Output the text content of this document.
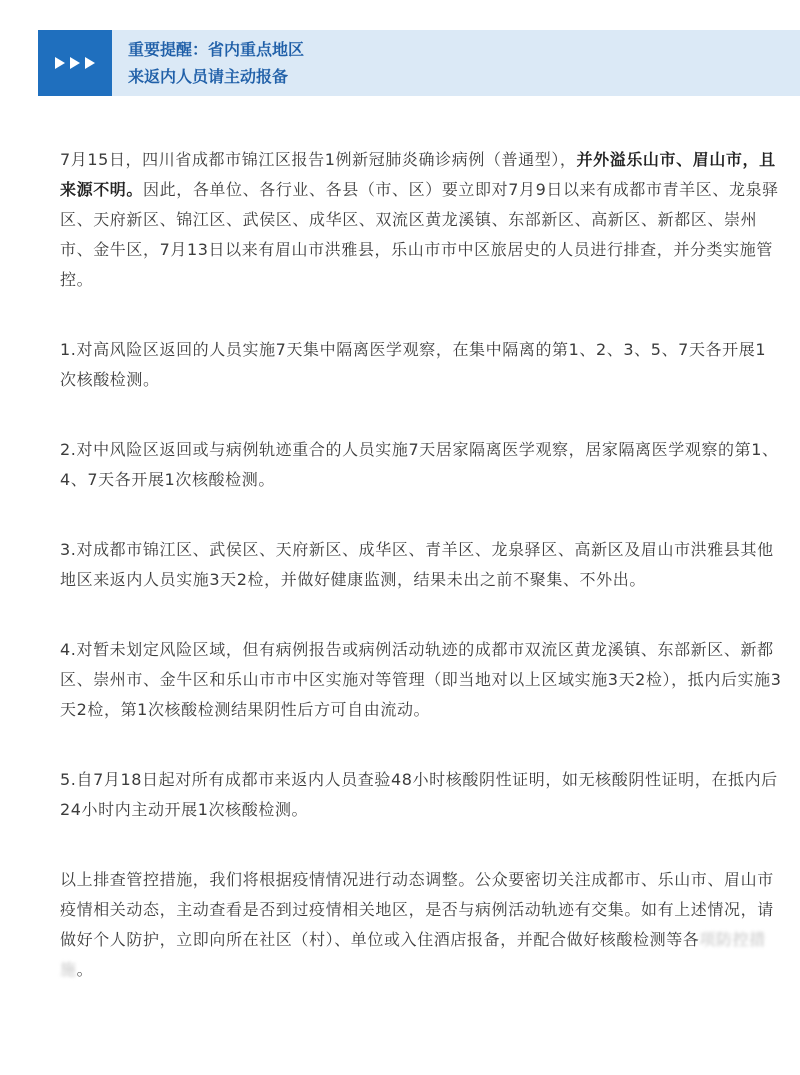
重要提醒：省内重点地区
来返内人员请主动报备

7月15日，四川省成都市锦江区报告1例新冠肺炎确诊病例（普通型），并外溢乐山市、眉山市，且来源不明。因此，各单位、各行业、各县（市、区）要立即对7月9日以来有成都市青羊区、龙泉驿区、天府新区、锦江区、武侯区、成华区、双流区黄龙溪镇、东部新区、高新区、新都区、崇州市、金牛区，7月13日以来有眉山市洪雅县，乐山市市中区旅居史的人员进行排查，并分类实施管控。

1.对高风险区返回的人员实施7天集中隔离医学观察，在集中隔离的第1、2、3、5、7天各开展1次核酸检测。

2.对中风险区返回或与病例轨迹重合的人员实施7天居家隔离医学观察，居家隔离医学观察的第1、4、7天各开展1次核酸检测。

3.对成都市锦江区、武侯区、天府新区、成华区、青羊区、龙泉驿区、高新区及眉山市洪雅县其他地区来返内人员实施3天2检，并做好健康监测，结果未出之前不聚集、不外出。

4.对暂未划定风险区域，但有病例报告或病例活动轨迹的成都市双流区黄龙溪镇、东部新区、新都区、崇州市、金牛区和乐山市市中区实施对等管理（即当地对以上区域实施3天2检），抵内后实施3天2检，第1次核酸检测结果阴性后方可自由流动。

5.自7月18日起对所有成都市来返内人员查验48小时核酸阴性证明，如无核酸阴性证明，在抵内后24小时内主动开展1次核酸检测。

以上排查管控措施，我们将根据疫情情况进行动态调整。公众要密切关注成都市、乐山市、眉山市疫情相关动态，主动查看是否到过疫情相关地区，是否与病例活动轨迹有交集。如有上述情况，请做好个人防护，立即向所在社区（村）、单位或入住酒店报备，并配合做好核酸检测等各项防控措施。
